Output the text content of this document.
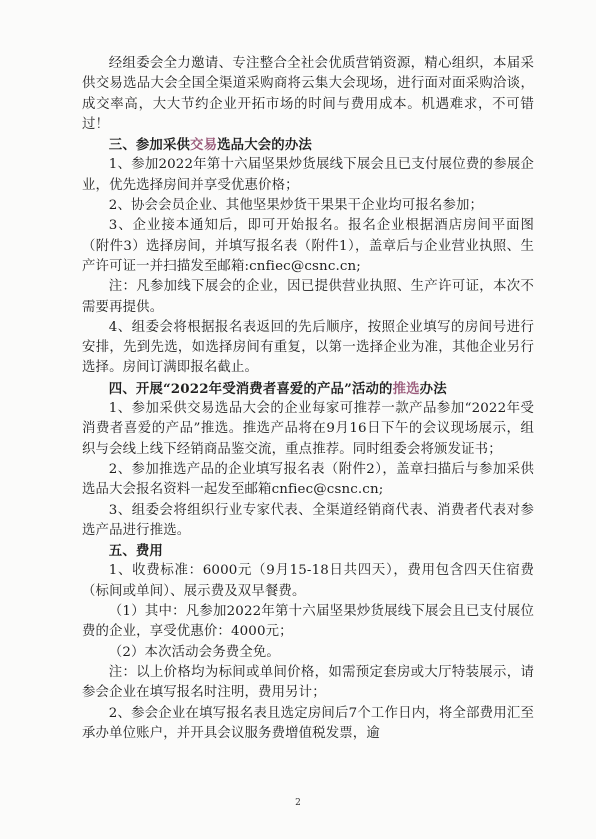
经组委会全力邀请、专注整合全社会优质营销资源，精心组织，本届采供交易选品大会全国全渠道采购商将云集大会现场，进行面对面采购洽谈，成交率高，大大节约企业开拓市场的时间与费用成本。机遇难求，不可错过！

三、参加采供交易选品大会的办法

1、参加2022年第十六届坚果炒货展线下展会且已支付展位费的参展企业，优先选择房间并享受优惠价格；

2、协会会员企业、其他坚果炒货干果果干企业均可报名参加；

3、企业接本通知后，即可开始报名。报名企业根据酒店房间平面图（附件3）选择房间，并填写报名表（附件1），盖章后与企业营业执照、生产许可证一并扫描发至邮箱:cnfiec@csnc.cn;

注：凡参加线下展会的企业，因已提供营业执照、生产许可证，本次不需要再提供。

4、组委会将根据报名表返回的先后顺序，按照企业填写的房间号进行安排，先到先选，如选择房间有重复，以第一选择企业为准，其他企业另行选择。房间订满即报名截止。

四、开展“2022年受消费者喜爱的产品”活动的推选办法

1、参加采供交易选品大会的企业每家可推荐一款产品参加“2022年受消费者喜爱的产品”推选。推选产品将在9月16日下午的会议现场展示，组织与会线上线下经销商品鉴交流，重点推荐。同时组委会将颁发证书；

2、参加推选产品的企业填写报名表（附件2），盖章扫描后与参加采供选品大会报名资料一起发至邮箱cnfiec@csnc.cn;

3、组委会将组织行业专家代表、全渠道经销商代表、消费者代表对参选产品进行推选。

五、费用

1、收费标准：6000元（9月15-18日共四天），费用包含四天住宿费（标间或单间）、展示费及双早餐费。

（1）其中：凡参加2022年第十六届坚果炒货展线下展会且已支付展位费的企业，享受优惠价：4000元；

（2）本次活动会务费全免。

注：以上价格均为标间或单间价格，如需预定套房或大厅特装展示，请参会企业在填写报名时注明，费用另计；

2、参会企业在填写报名表且选定房间后7个工作日内，将全部费用汇至承办单位账户，并开具会议服务费增值税发票，逾

2
